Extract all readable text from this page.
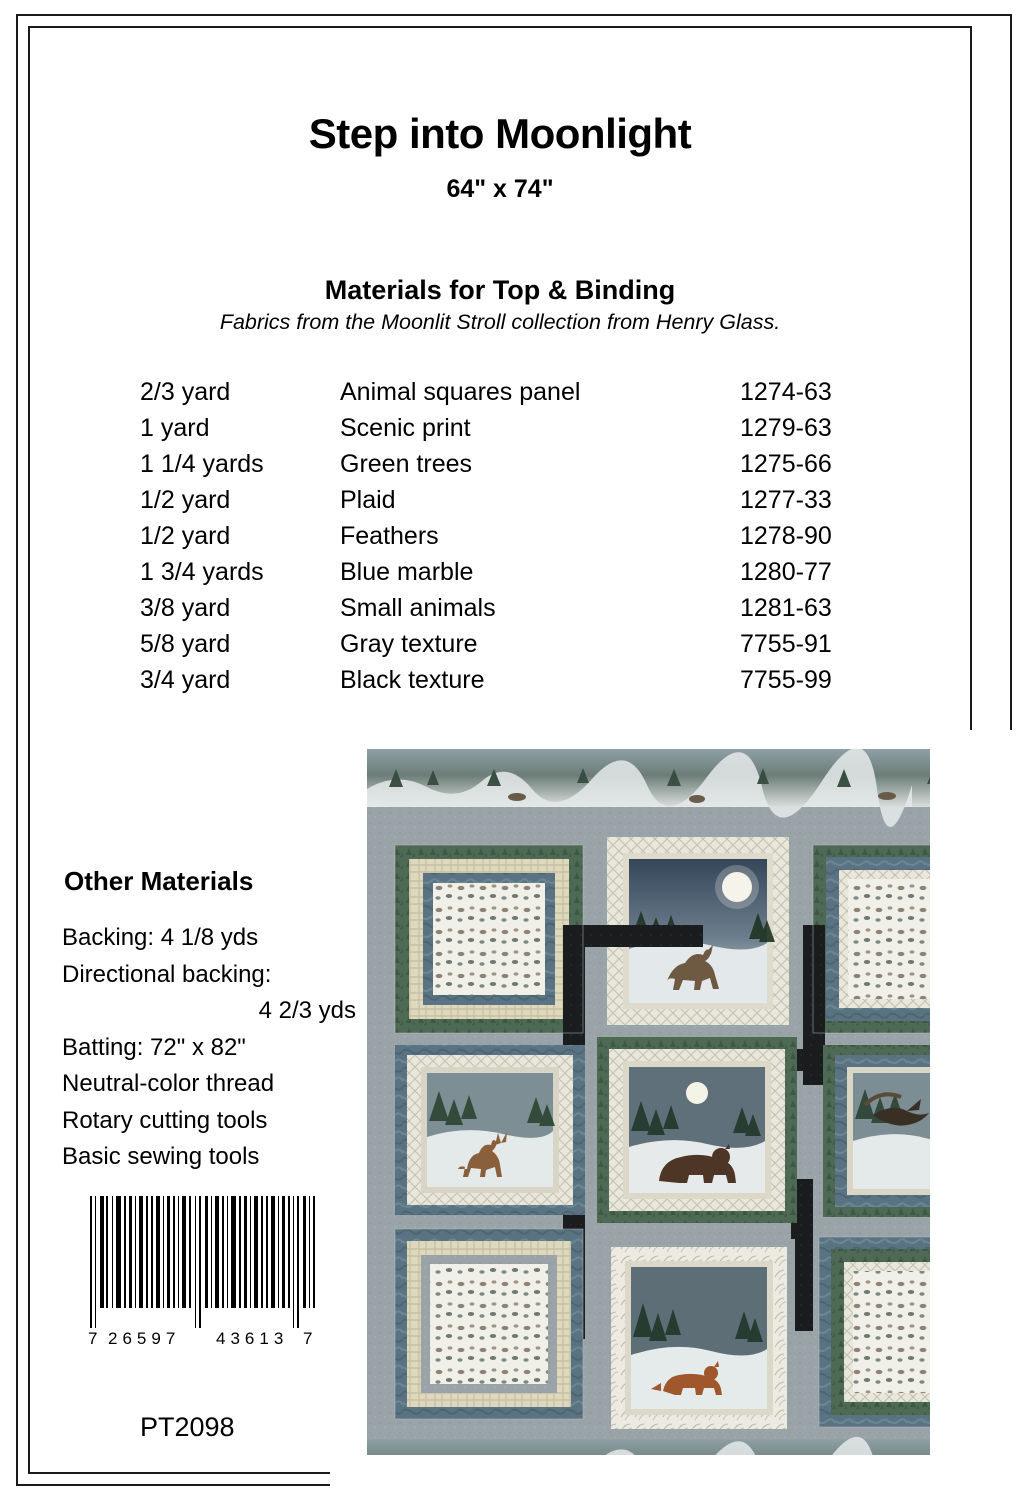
Step into Moonlight
64" x 74"
Materials for Top & Binding
Fabrics from the Moonlit Stroll collection from Henry Glass.
2/3 yard	Animal squares panel	1274-63
1 yard	Scenic print	1279-63
1 1/4 yards	Green trees	1275-66
1/2 yard	Plaid	1277-33
1/2 yard	Feathers	1278-90
1 3/4 yards	Blue marble	1280-77
3/8 yard	Small animals	1281-63
5/8 yard	Gray texture	7755-91
3/4 yard	Black texture	7755-99
Other Materials
Backing: 4 1/8 yds
Directional backing:
4 2/3 yds
Batting: 72" x 82"
Neutral-color thread
Rotary cutting tools
Basic sewing tools
7 26597 43613 7
PT2098
